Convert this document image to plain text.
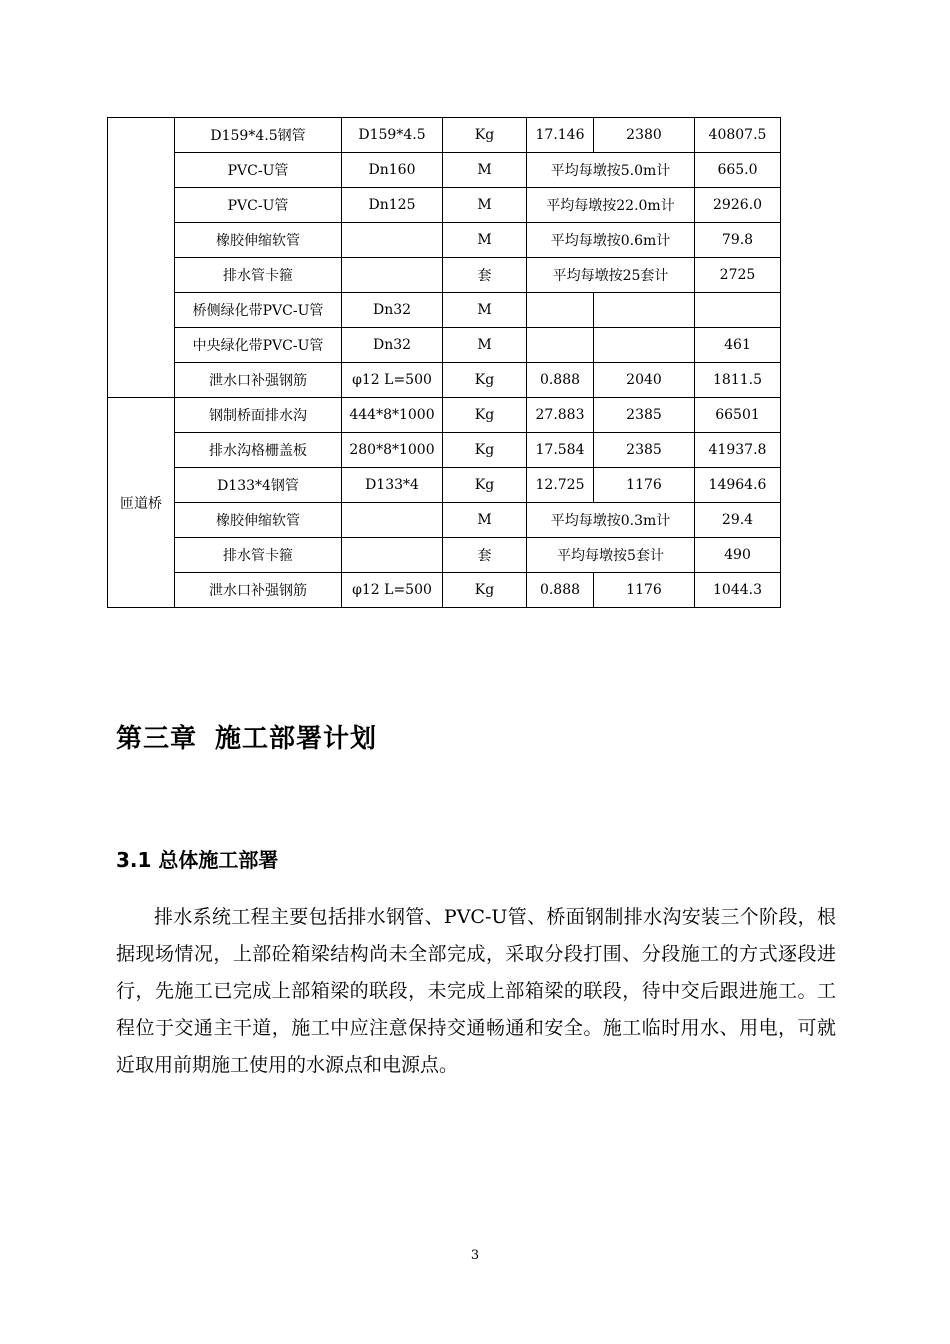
	D159*4.5钢管	D159*4.5	Kg	17.146	2380	40807.5
	PVC-U管	Dn160	M	平均每墩按5.0m计		665.0
	PVC-U管	Dn125	M	平均每墩按22.0m计		2926.0
	橡胶伸缩软管		M	平均每墩按0.6m计		79.8
	排水管卡箍		套	平均每墩按25套计		2725
	桥侧绿化带PVC-U管	Dn32	M			
	中央绿化带PVC-U管	Dn32	M			461
	泄水口补强钢筋	φ12 L=500	Kg	0.888	2040	1811.5
匝道桥	钢制桥面排水沟	444*8*1000	Kg	27.883	2385	66501
	排水沟格栅盖板	280*8*1000	Kg	17.584	2385	41937.8
	D133*4钢管	D133*4	Kg	12.725	1176	14964.6
	橡胶伸缩软管		M	平均每墩按0.3m计		29.4
	排水管卡箍		套	平均每墩按5套计		490
	泄水口补强钢筋	φ12 L=500	Kg	0.888	1176	1044.3
第三章 施工部署计划
3.1 总体施工部署

排水系统工程主要包括排水钢管、PVC-U管、桥面钢制排水沟安装三个阶段，根据现场情况，上部砼箱梁结构尚未全部完成，采取分段打围、分段施工的方式逐段进行，先施工已完成上部箱梁的联段，未完成上部箱梁的联段，待中交后跟进施工。工程位于交通主干道，施工中应注意保持交通畅通和安全。施工临时用水、用电，可就近取用前期施工使用的水源点和电源点。

3
